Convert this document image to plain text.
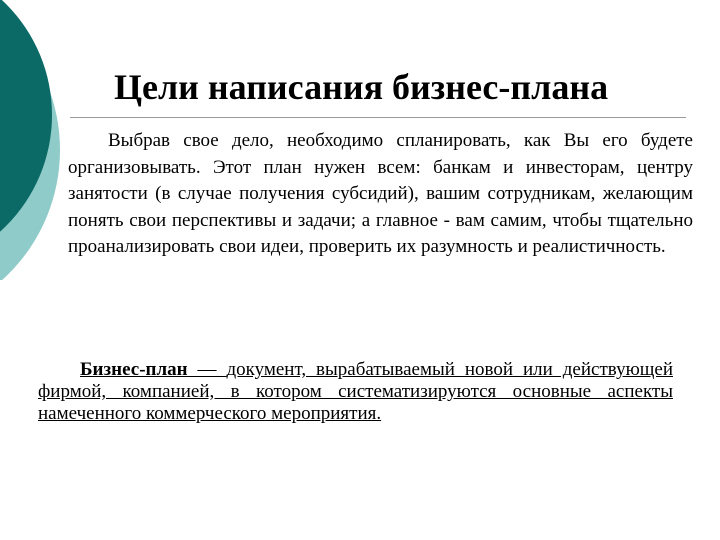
Цели написания бизнес-плана
Выбрав свое дело, необходимо спланировать, как Вы его будете организовывать. Этот план нужен всем: банкам и инвесторам, центру занятости (в случае получения субсидий), вашим сотрудникам, желающим понять свои перспективы и задачи; а главное - вам самим, чтобы тщательно проанализировать свои идеи, проверить их разумность и реалистичность.
Бизнес-план — документ, вырабатываемый новой или действующей фирмой, компанией, в котором систематизируются основные аспекты намеченного коммерческого мероприятия.
